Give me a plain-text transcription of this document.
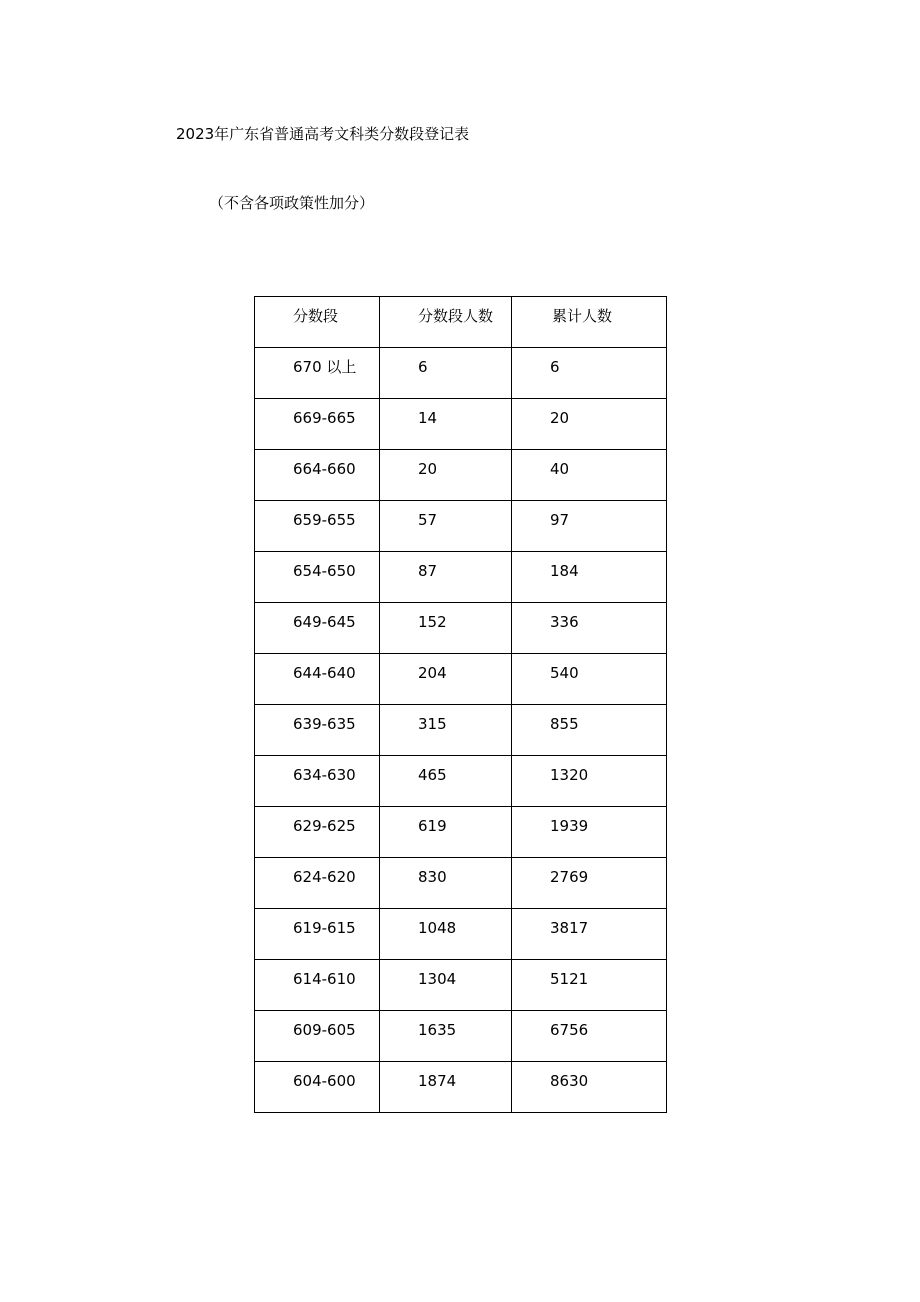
2023年广东省普通高考文科类分数段登记表
（不含各项政策性加分）
分数段	分数段人数	累计人数

670 以上	6	6

669-665	14	20

664-660	20	40

659-655	57	97

654-650	87	184

649-645	152	336

644-640	204	540

639-635	315	855

634-630	465	1320

629-625	619	1939

624-620	830	2769

619-615	1048	3817

614-610	1304	5121

609-605	1635	6756

604-600	1874	8630
